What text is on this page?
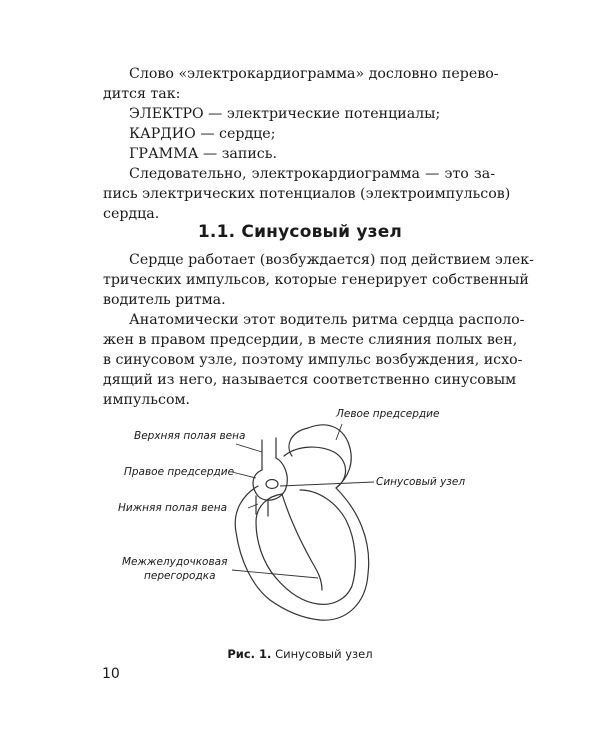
Слово «электрокардиограмма» дословно перево-
дится так:
ЭЛЕКТРО — электрические потенциалы;
КАРДИО — сердце;
ГРАММА — запись.
Следовательно, электрокардиограмма — это за-
пись электрических потенциалов (электроимпульсов)
сердца.
1.1. Синусовый узел
Сердце работает (возбуждается) под действием элек-
трических импульсов, которые генерирует собственный
водитель ритма.
Анатомически этот водитель ритма сердца располо-
жен в правом предсердии, в месте слияния полых вен,
в синусовом узле, поэтому импульс возбуждения, исхо-
дящий из него, называется соответственно синусовым
импульсом.
Левое предсердие
Верхняя полая вена
Правое предсердие
Синусовый узел
Нижняя полая вена
Межжелудочковая
перегородка
Рис. 1. Синусовый узел
10
